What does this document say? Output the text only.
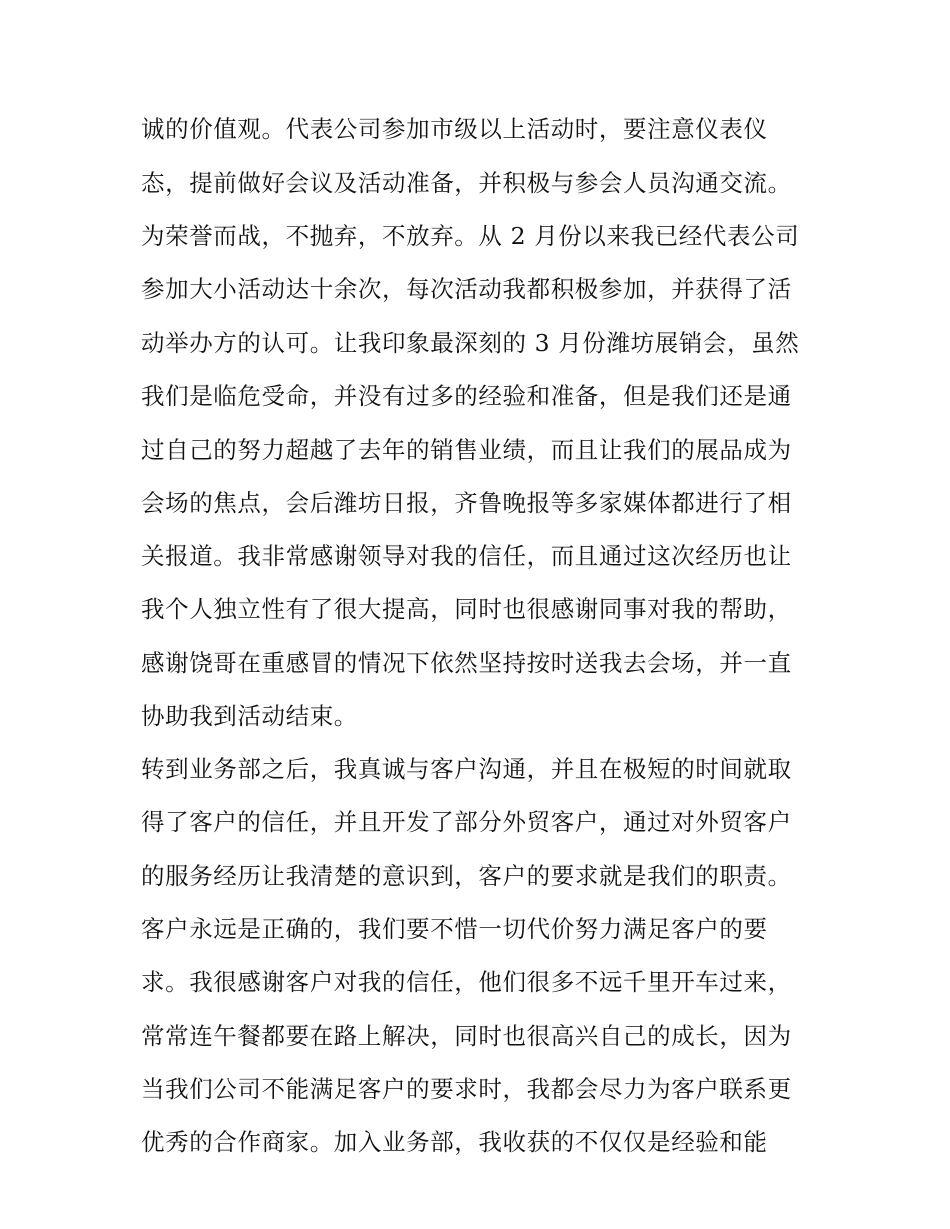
诚的价值观。代表公司参加市级以上活动时，要注意仪表仪
态，提前做好会议及活动准备，并积极与参会人员沟通交流。
为荣誉而战，不抛弃，不放弃。从 2 月份以来我已经代表公司
参加大小活动达十余次，每次活动我都积极参加，并获得了活
动举办方的认可。让我印象最深刻的 3 月份潍坊展销会，虽然
我们是临危受命，并没有过多的经验和准备，但是我们还是通
过自己的努力超越了去年的销售业绩，而且让我们的展品成为
会场的焦点，会后潍坊日报，齐鲁晚报等多家媒体都进行了相
关报道。我非常感谢领导对我的信任，而且通过这次经历也让
我个人独立性有了很大提高，同时也很感谢同事对我的帮助，
感谢饶哥在重感冒的情况下依然坚持按时送我去会场，并一直
协助我到活动结束。
转到业务部之后，我真诚与客户沟通，并且在极短的时间就取
得了客户的信任，并且开发了部分外贸客户，通过对外贸客户
的服务经历让我清楚的意识到，客户的要求就是我们的职责。
客户永远是正确的，我们要不惜一切代价努力满足客户的要
求。我很感谢客户对我的信任，他们很多不远千里开车过来，
常常连午餐都要在路上解决，同时也很高兴自己的成长，因为
当我们公司不能满足客户的要求时，我都会尽力为客户联系更
优秀的合作商家。加入业务部，我收获的不仅仅是经验和能
